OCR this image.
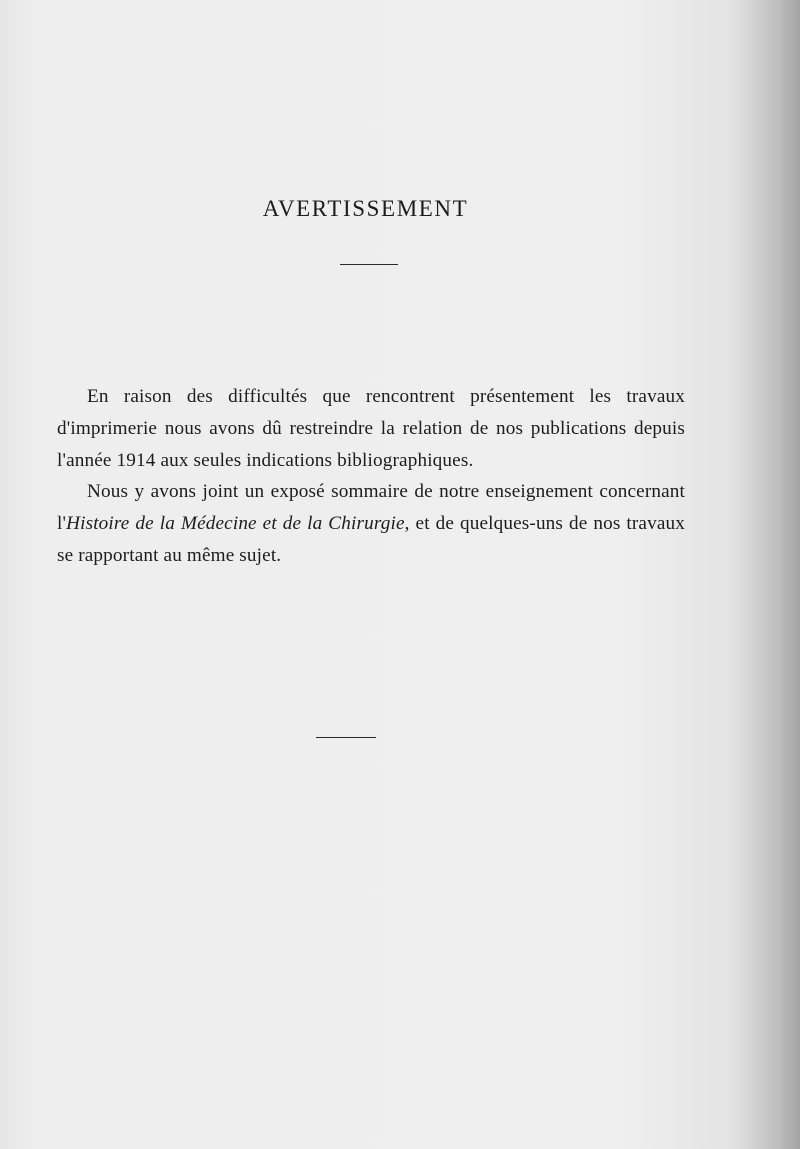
AVERTISSEMENT

En raison des difficultés que rencontrent présentement les travaux d'imprimerie nous avons dû restreindre la relation de nos publications depuis l'année 1914 aux seules indications bibliographiques.

Nous y avons joint un exposé sommaire de notre enseignement concernant l'Histoire de la Médecine et de la Chirurgie, et de quelques-uns de nos travaux se rapportant au même sujet.
